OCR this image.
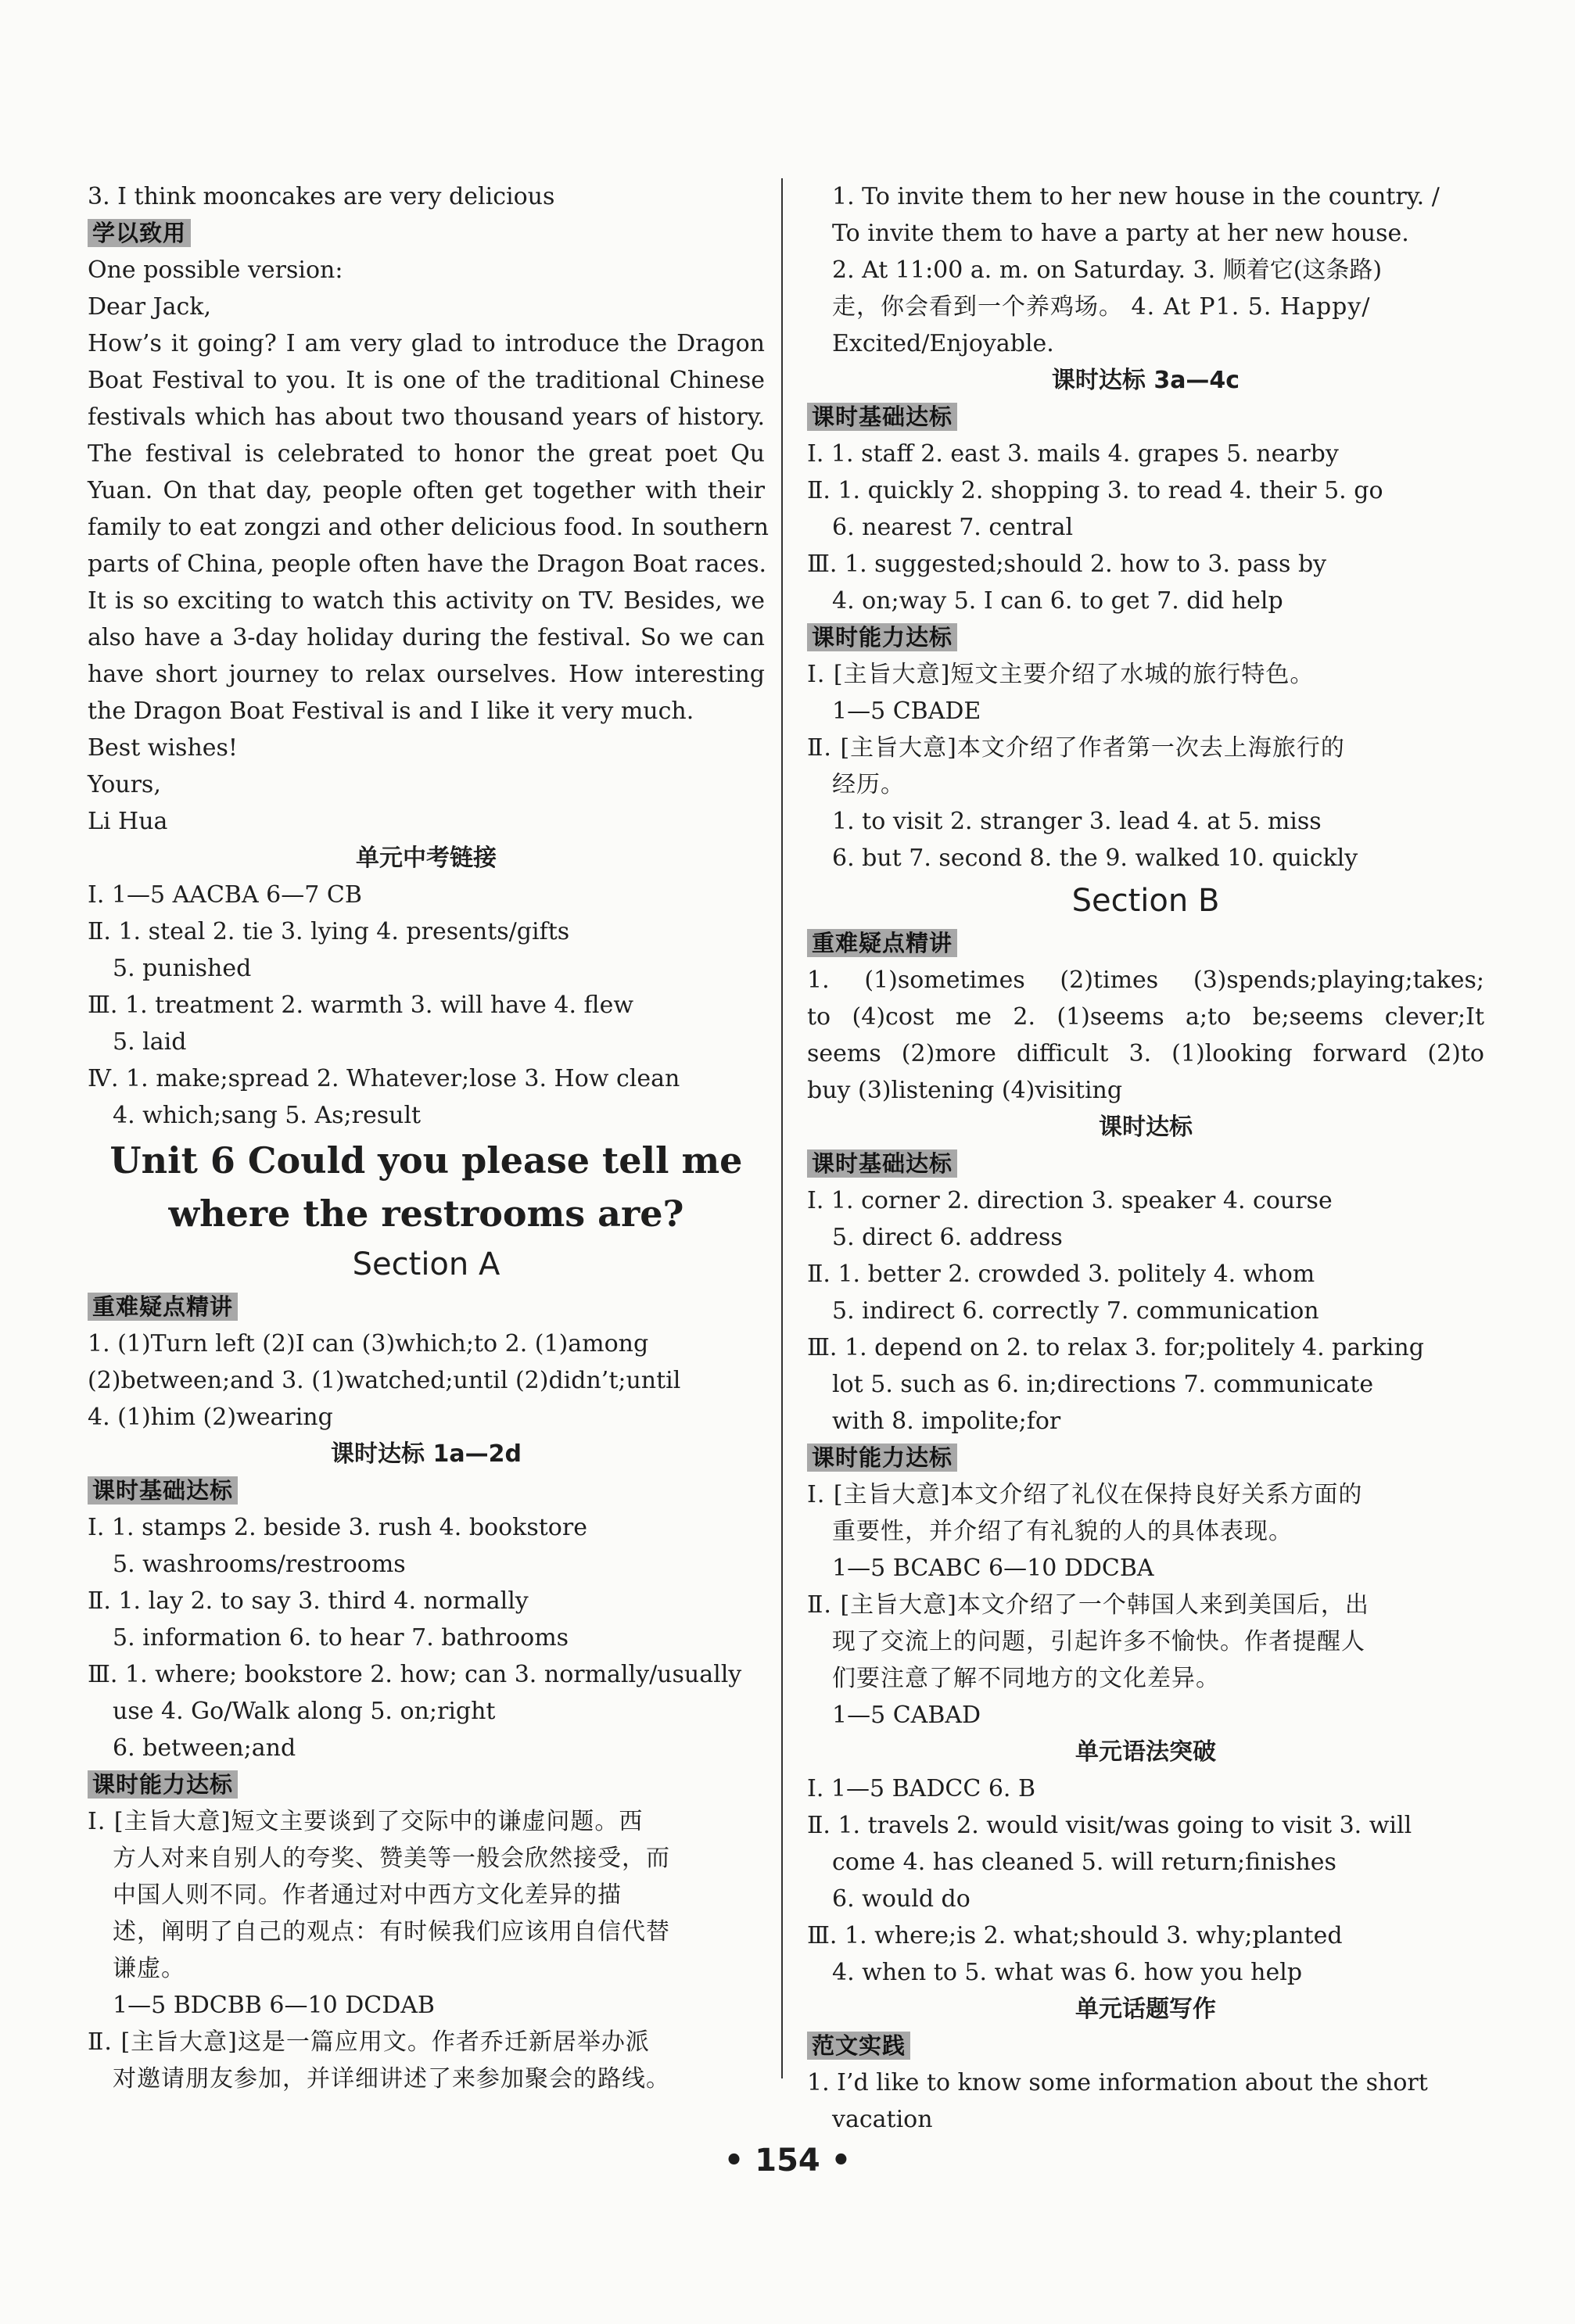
3. I think mooncakes are very delicious
学以致用
One possible version:
Dear Jack,
How’s it going? I am very glad to introduce the Dragon
Boat Festival to you. It is one of the traditional Chinese
festivals which has about two thousand years of history.
The festival is celebrated to honor the great poet Qu
Yuan. On that day, people often get together with their
family to eat zongzi and other delicious food. In southern
parts of China, people often have the Dragon Boat races.
It is so exciting to watch this activity on TV. Besides, we
also have a 3-day holiday during the festival. So we can
have short journey to relax ourselves. How interesting
the Dragon Boat Festival is and I like it very much.
Best wishes!
Yours,
Li Hua
单元中考链接
Ⅰ. 1—5 AACBA 6—7 CB
Ⅱ. 1. steal 2. tie 3. lying 4. presents/gifts
5. punished
Ⅲ. 1. treatment 2. warmth 3. will have 4. flew
5. laid
Ⅳ. 1. make;spread 2. Whatever;lose 3. How clean
4. which;sang 5. As;result
Unit 6 Could you please tell me
where the restrooms are?
Section A
重难疑点精讲
1. (1)Turn left (2)I can (3)which;to 2. (1)among
(2)between;and 3. (1)watched;until (2)didn’t;until
4. (1)him (2)wearing
课时达标 1a—2d
课时基础达标
Ⅰ. 1. stamps 2. beside 3. rush 4. bookstore
5. washrooms/restrooms
Ⅱ. 1. lay 2. to say 3. third 4. normally
5. information 6. to hear 7. bathrooms
Ⅲ. 1. where; bookstore 2. how; can 3. normally/usually
use 4. Go/Walk along 5. on;right
6. between;and
课时能力达标
Ⅰ. [主旨大意]短文主要谈到了交际中的谦虚问题。西
方人对来自别人的夸奖、赞美等一般会欣然接受，而
中国人则不同。作者通过对中西方文化差异的描
述，阐明了自己的观点：有时候我们应该用自信代替
谦虚。
1—5 BDCBB 6—10 DCDAB
Ⅱ. [主旨大意]这是一篇应用文。作者乔迁新居举办派
对邀请朋友参加，并详细讲述了来参加聚会的路线。
1. To invite them to her new house in the country. /
To invite them to have a party at her new house.
2. At 11:00 a. m. on Saturday. 3. 顺着它(这条路)
走，你会看到一个养鸡场。 4. At P1. 5. Happy/
Excited/Enjoyable.
课时达标 3a—4c
课时基础达标
Ⅰ. 1. staff 2. east 3. mails 4. grapes 5. nearby
Ⅱ. 1. quickly 2. shopping 3. to read 4. their 5. go
6. nearest 7. central
Ⅲ. 1. suggested;should 2. how to 3. pass by
4. on;way 5. I can 6. to get 7. did help
课时能力达标
Ⅰ. [主旨大意]短文主要介绍了水城的旅行特色。
1—5 CBADE
Ⅱ. [主旨大意]本文介绍了作者第一次去上海旅行的
经历。
1. to visit 2. stranger 3. lead 4. at 5. miss
6. but 7. second 8. the 9. walked 10. quickly
Section B
重难疑点精讲
1. (1)sometimes (2)times (3)spends;playing;takes;
to (4)cost me 2. (1)seems a;to be;seems clever;It
seems (2)more difficult 3. (1)looking forward (2)to
buy (3)listening (4)visiting
课时达标
课时基础达标
Ⅰ. 1. corner 2. direction 3. speaker 4. course
5. direct 6. address
Ⅱ. 1. better 2. crowded 3. politely 4. whom
5. indirect 6. correctly 7. communication
Ⅲ. 1. depend on 2. to relax 3. for;politely 4. parking
lot 5. such as 6. in;directions 7. communicate
with 8. impolite;for
课时能力达标
Ⅰ. [主旨大意]本文介绍了礼仪在保持良好关系方面的
重要性，并介绍了有礼貌的人的具体表现。
1—5 BCABC 6—10 DDCBA
Ⅱ. [主旨大意]本文介绍了一个韩国人来到美国后，出
现了交流上的问题，引起许多不愉快。作者提醒人
们要注意了解不同地方的文化差异。
1—5 CABAD
单元语法突破
Ⅰ. 1—5 BADCC 6. B
Ⅱ. 1. travels 2. would visit/was going to visit 3. will
come 4. has cleaned 5. will return;finishes
6. would do
Ⅲ. 1. where;is 2. what;should 3. why;planted
4. when to 5. what was 6. how you help
单元话题写作
范文实践
1. I’d like to know some information about the short
vacation
• 154 •
